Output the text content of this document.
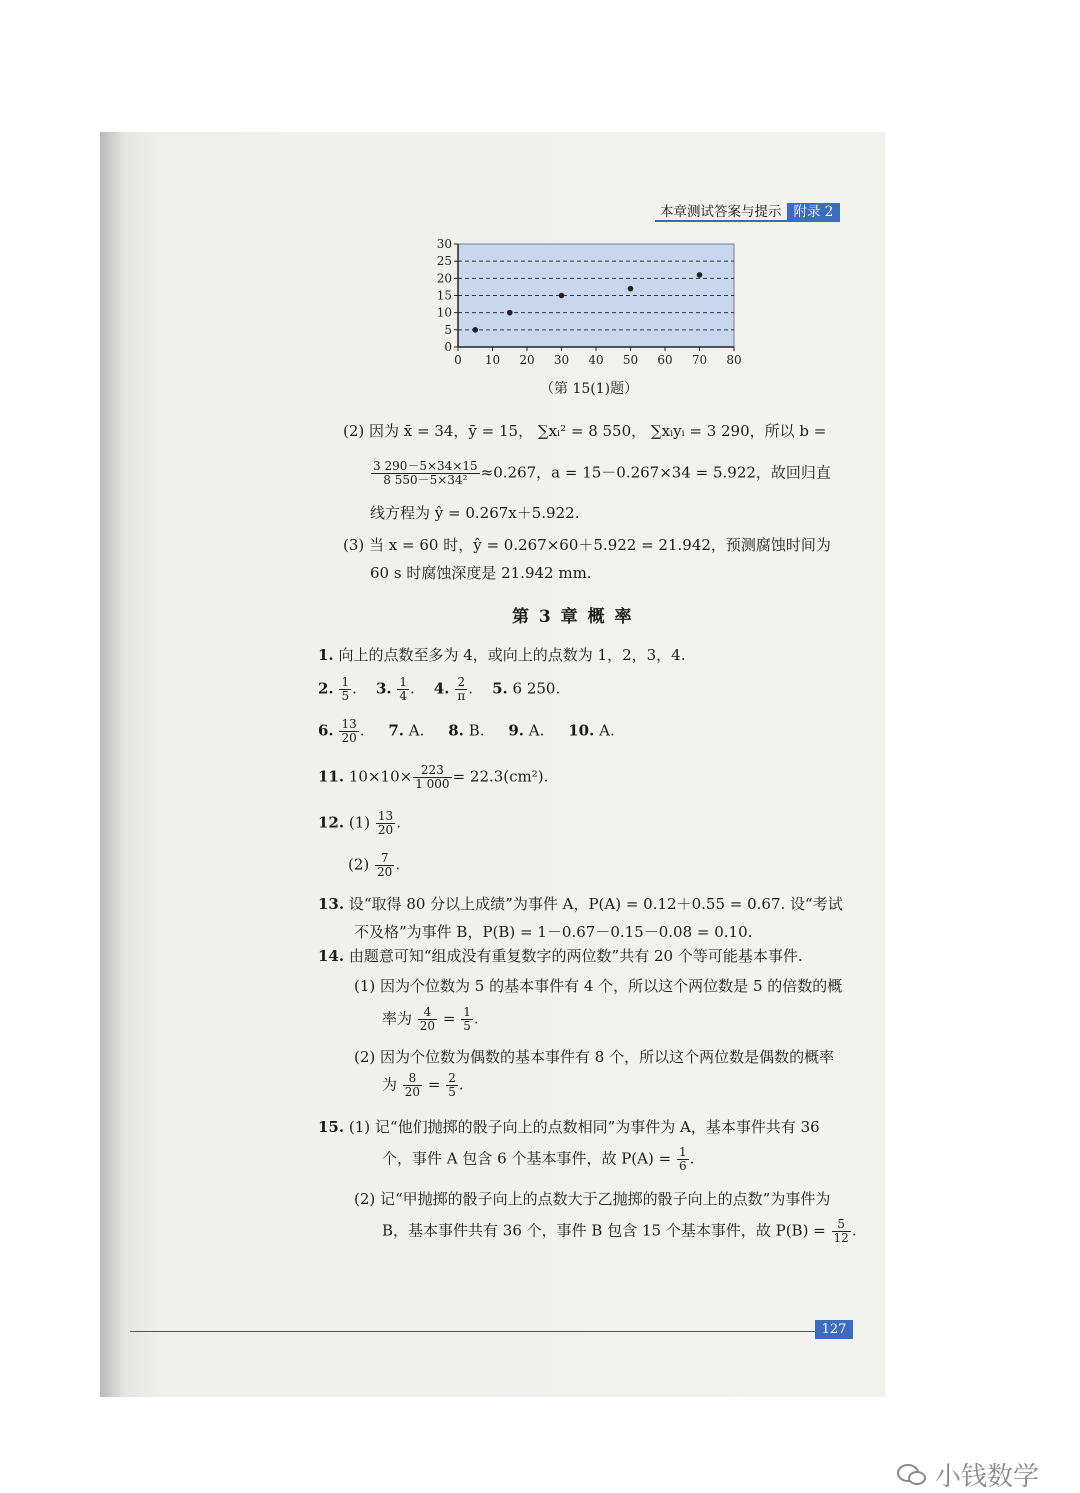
本章测试答案与提示 附录 2
0
5
10
15
20
25
30
0 10 20 30 40 50 60 70 80
（第 15(1)题）
(2) 因为 x̄ = 34，ȳ = 15， ∑xᵢ² = 8 550， ∑xᵢyᵢ = 3 290，所以 b =
$\frac{3 290-5\times 34\times 15}{\text{8 550－5×34²}} \approx 0.267$，a = 15－0.267×34 = 5.922，故回归直
线方程为 ŷ = 0.267x＋5.922.
(3) 当 x = 60 时，ŷ = 0.267×60＋5.922 = 21.942，预测腐蚀时间为
60 s 时腐蚀深度是 21.942 mm.
第 3 章 概 率
1. 向上的点数至多为 4，或向上的点数为 1，2，3，4.
2. $\frac{1}{5}$ .    3. $\frac{1}{4}$ .    4. $\frac{2}{\pi}$ .    5. 6 250.
6. $\frac{13}{20}$ .     7. A. 8. B. 9. A. 10. A.
11. $10\times 10\times \frac{223}{1 000} = 22.3(cm^2)$.
12. $(1) \frac{13}{20}$ .
$(2) \frac{7}{20}$ .
13. 设“取得 80 分以上成绩”为事件 A，P(A) = 0.12＋0.55 = 0.67. 设“考试
不及格”为事件 B，P(B) = 1－0.67－0.15－0.08 = 0.10.
14. 由题意可知“组成没有重复数字的两位数”共有 20 个等可能基本事件.
(1) 因为个位数为 5 的基本事件有 4 个，所以这个两位数是 5 的倍数的概
率为 $\frac{4}{20} = \frac{1}{5}$ .
(2) 因为个位数为偶数的基本事件有 8 个，所以这个两位数是偶数的概率
为 $\frac{8}{20} = \frac{2}{5}$ .
15. (1) 记“他们抛掷的骰子向上的点数相同”为事件为 A，基本事件共有 36
个，事件 A 包含 6 个基本事件，故 $P(A) = \frac{1}{6}$ .
(2) 记“甲抛掷的骰子向上的点数大于乙抛掷的骰子向上的点数”为事件为
B，基本事件共有 36 个，事件 B 包含 15 个基本事件，故 $P(B) = \frac{5}{12}$ .
127
小钱数学
